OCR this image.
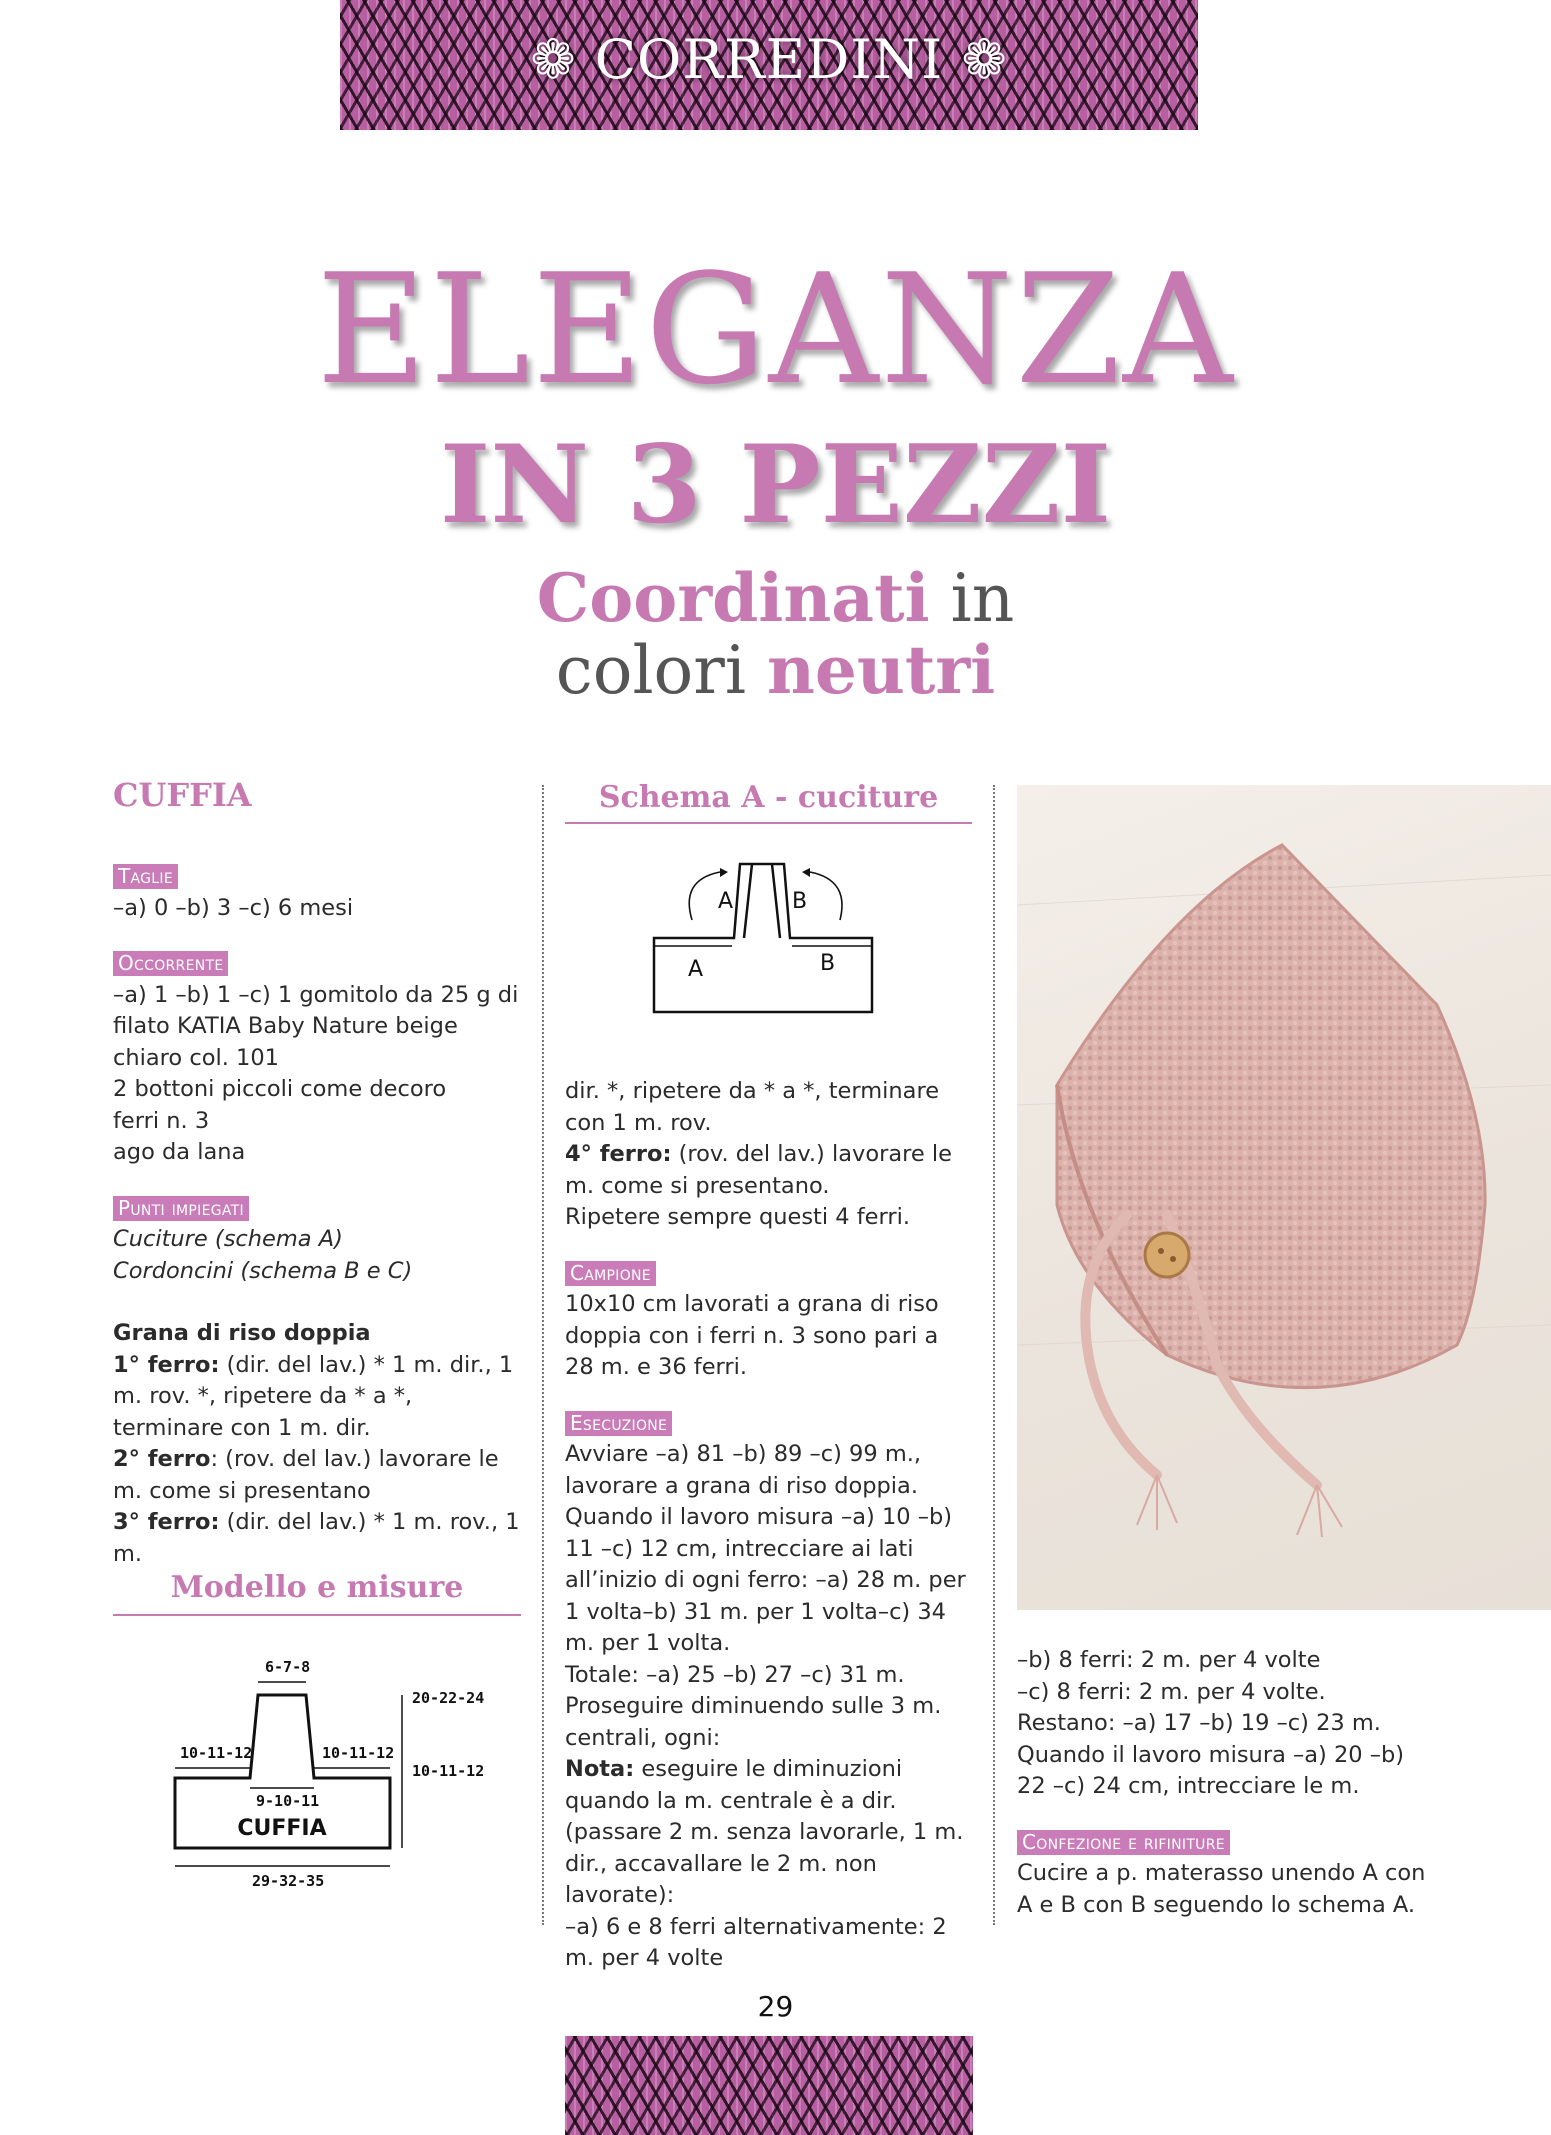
❁ CORREDINI ❁
ELEGANZA
IN 3 PEZZI
Coordinati in
colori neutri
CUFFIA
Taglie

–a) 0 –b) 3 –c) 6 mesi

Occorrente

–a) 1 –b) 1 –c) 1 gomitolo da 25 g di filato KATIA Baby Nature beige chiaro col. 101

2 bottoni piccoli come decoro

ferri n. 3

ago da lana

Punti impiegati

Cuciture (schema A)

Cordoncini (schema B e C)

Grana di riso doppia

1° ferro: (dir. del lav.) * 1 m. dir., 1 m. rov. *, ripetere da * a *, terminare con 1 m. dir.

2° ferro: (rov. del lav.) lavorare le m. come si presentano

3° ferro: (dir. del lav.) * 1 m. rov., 1 m.

Modello e misure
6-7-8
10-11-12	10-11-12
9-10-11
29-32-35
20-22-24
10-11-12
CUFFIA
Schema A - cuciture
A	B
A	B

dir. *, ripetere da * a *, terminare con 1 m. rov.

4° ferro: (rov. del lav.) lavorare le m. come si presentano.

Ripetere sempre questi 4 ferri.

Campione

10x10 cm lavorati a grana di riso doppia con i ferri n. 3 sono pari a 28 m. e 36 ferri.

Esecuzione

Avviare –a) 81 –b) 89 –c) 99 m., lavorare a grana di riso doppia.

Quando il lavoro misura –a) 10 –b) 11 –c) 12 cm, intrecciare ai lati all’inizio di ogni ferro: –a) 28 m. per 1 volta–b) 31 m. per 1 volta–c) 34 m. per 1 volta.

Totale: –a) 25 –b) 27 –c) 31 m.

Proseguire diminuendo sulle 3 m. centrali, ogni:

Nota: eseguire le diminuzioni quando la m. centrale è a dir. (passare 2 m. senza lavorarle, 1 m. dir., accavallare le 2 m. non lavorate):

–a) 6 e 8 ferri alternativamente: 2 m. per 4 volte

–b) 8 ferri: 2 m. per 4 volte

–c) 8 ferri: 2 m. per 4 volte.

Restano: –a) 17 –b) 19 –c) 23 m.

Quando il lavoro misura –a) 20 –b) 22 –c) 24 cm, intrecciare le m.

Confezione e rifiniture

Cucire a p. materasso unendo A con A e B con B seguendo lo schema A.

29
